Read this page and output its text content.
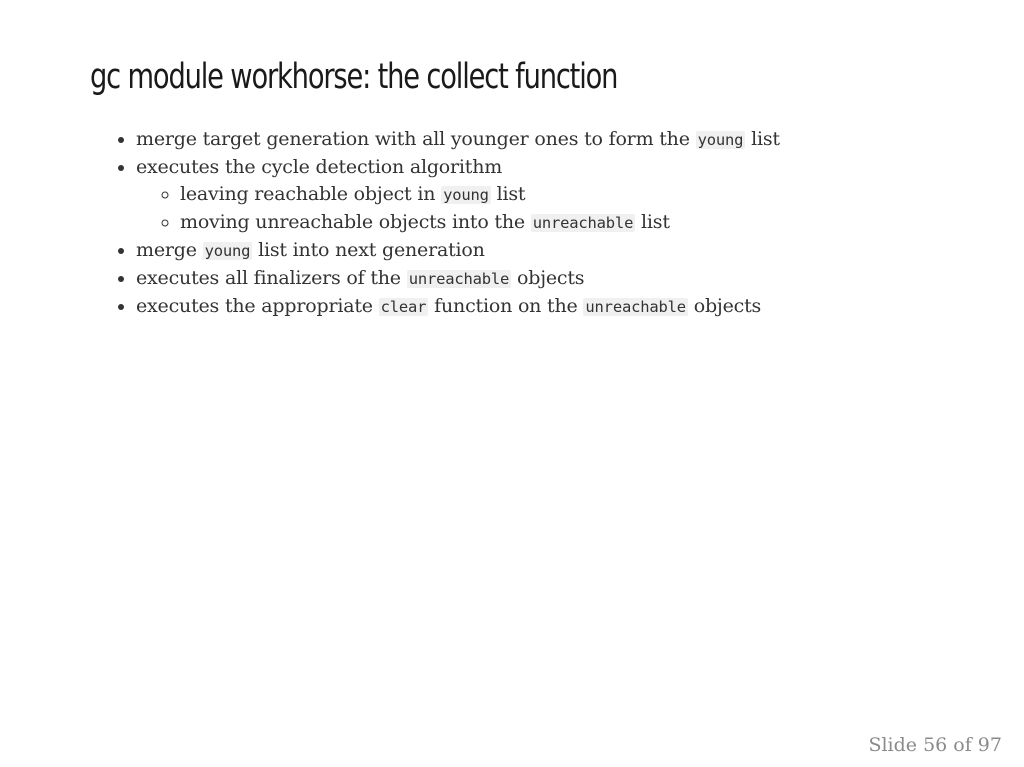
gc module workhorse: the collect function
• merge target generation with all younger ones to form the young list
• executes the cycle detection algorithm
◦ leaving reachable object in young list
◦ moving unreachable objects into the unreachable list
• merge young list into next generation
• executes all finalizers of the unreachable objects
• executes the appropriate clear function on the unreachable objects
Slide 56 of 97
